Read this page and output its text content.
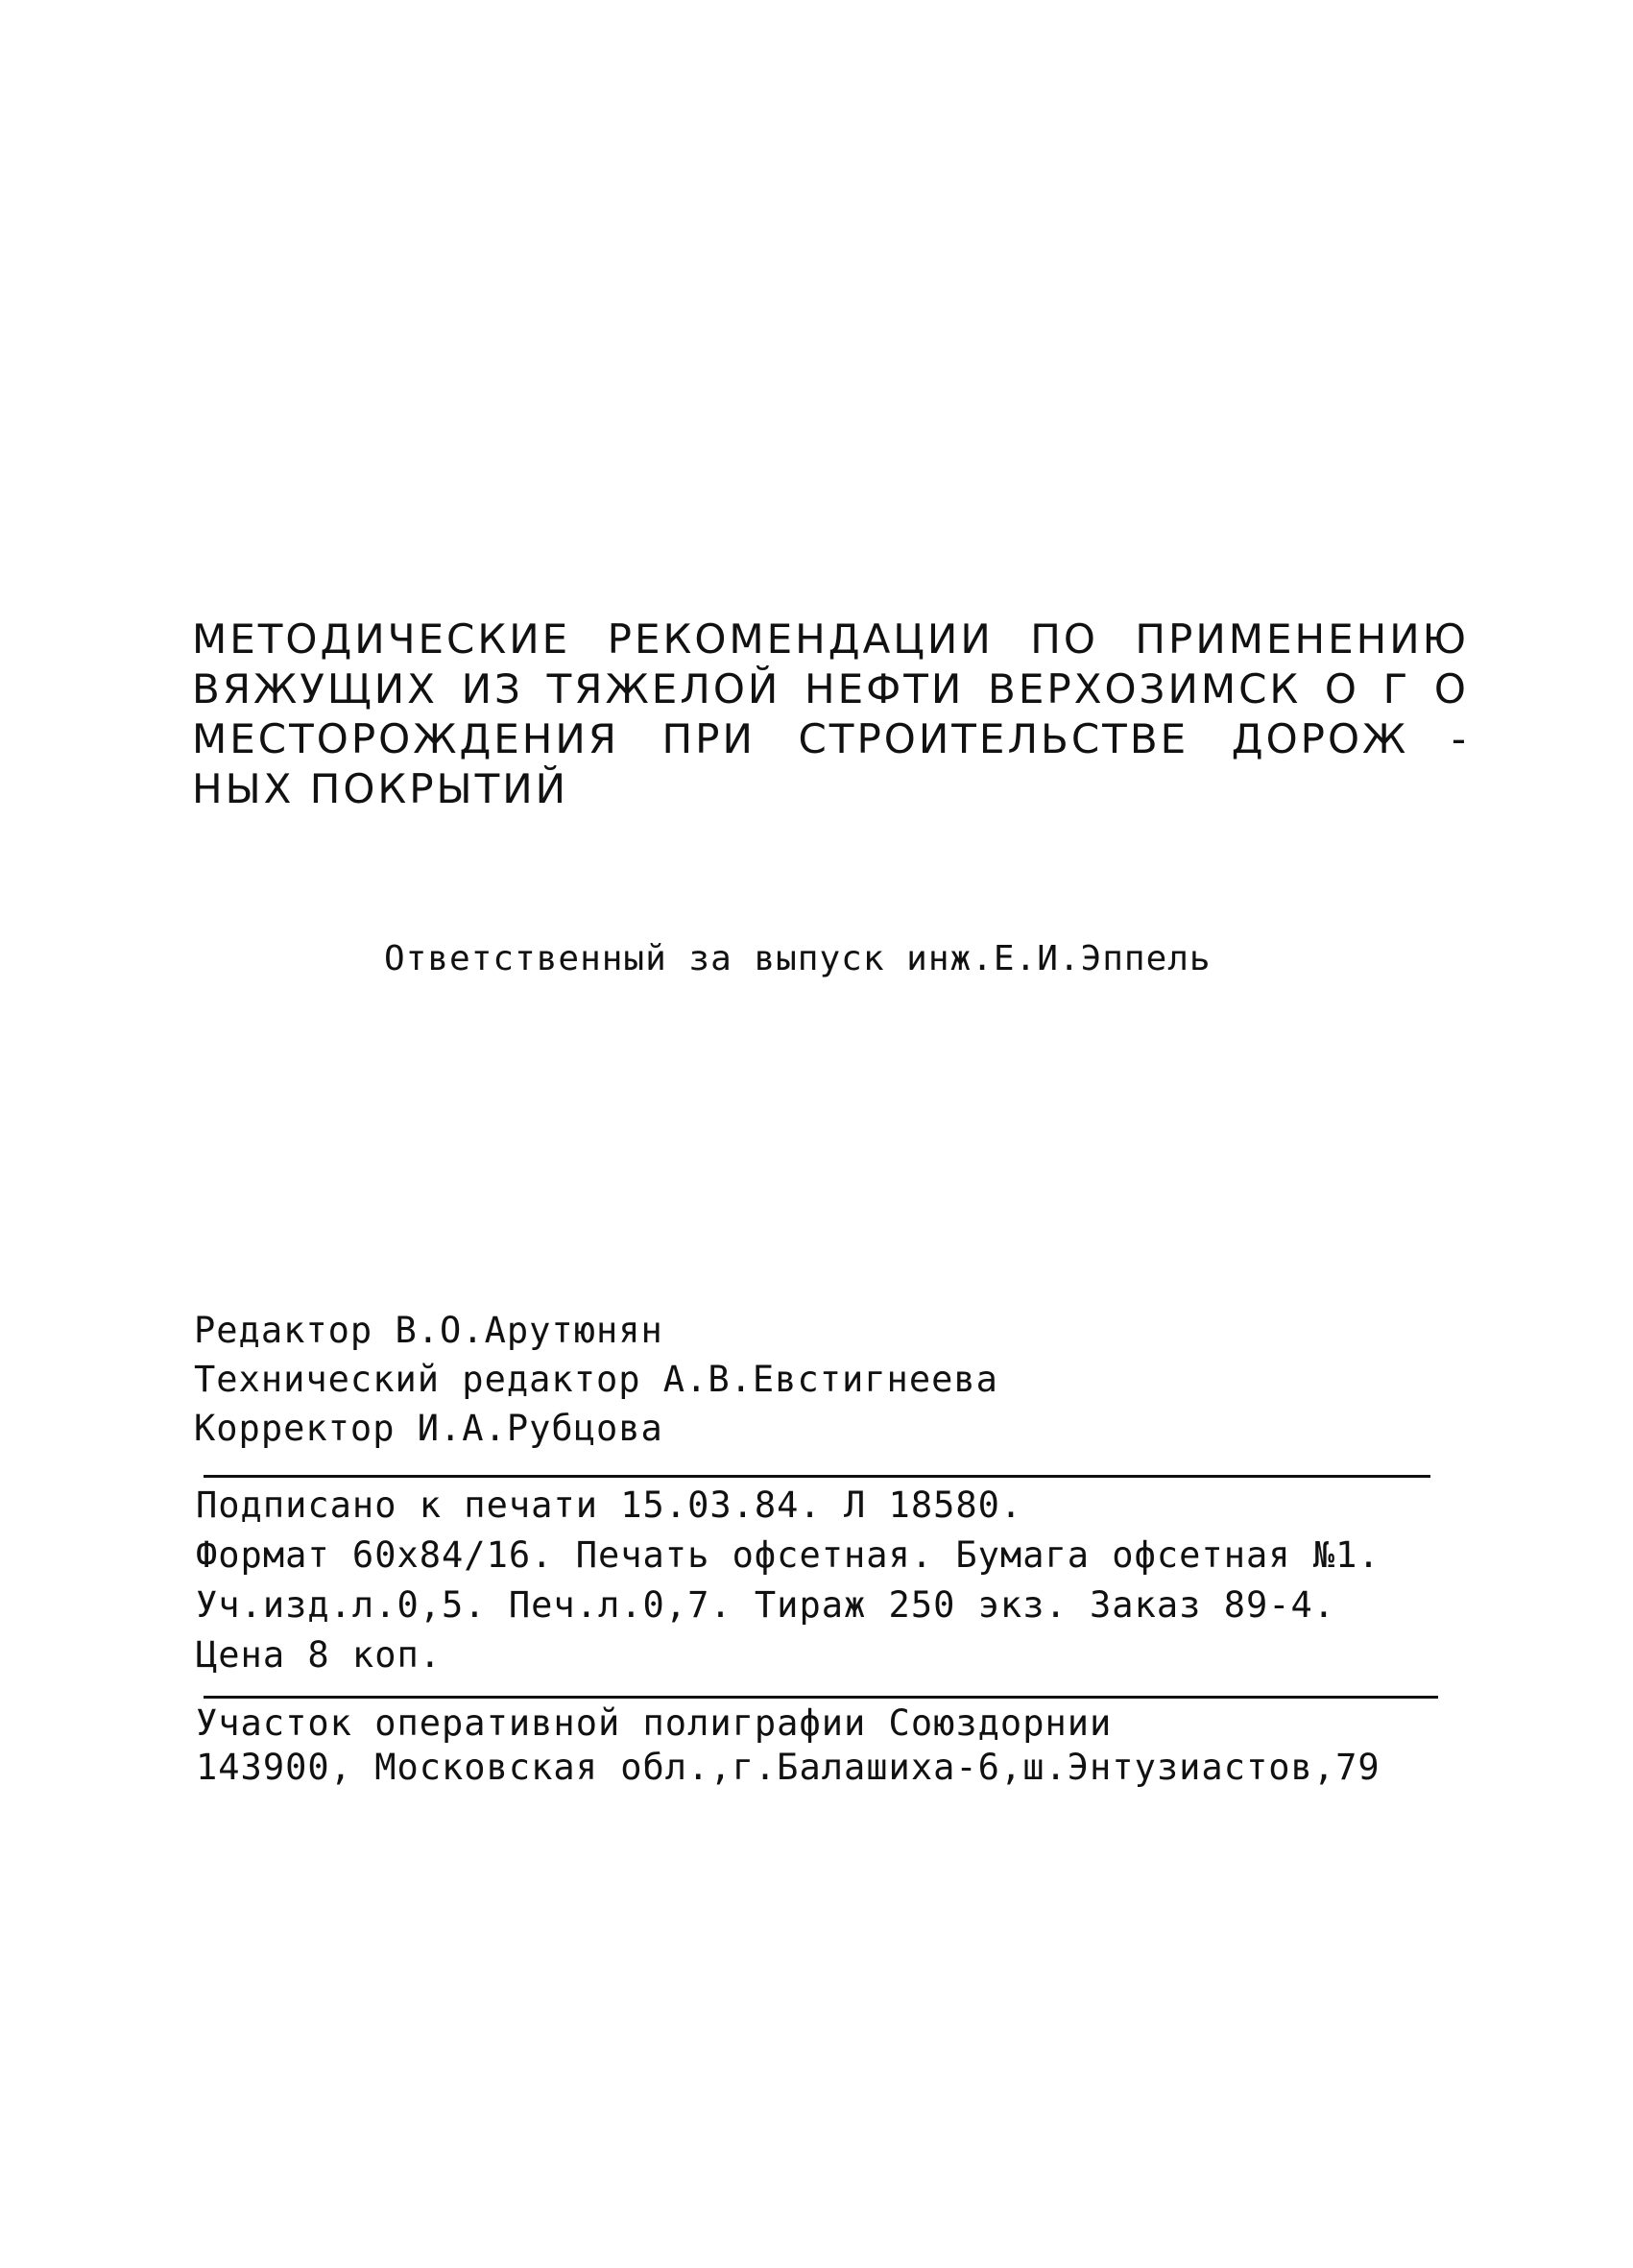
МЕТОДИЧЕСКИЕ РЕКОМЕНДАЦИИ ПО ПРИМЕНЕНИЮ
ВЯЖУЩИХ ИЗ ТЯЖЕЛОЙ НЕФТИ ВЕРХОЗИМСК О Г О
МЕСТОРОЖДЕНИЯ ПРИ СТРОИТЕЛЬСТВЕ ДОРОЖ -
НЫХ ПОКРЫТИЙ
Ответственный за выпуск инж.Е.И.Эппель
Редактор В.О.Арутюнян
Технический редактор А.В.Евстигнеева
Корректор И.А.Рубцова
Подписано к печати 15.03.84. Л 18580.
Формат 60х84/16. Печать офсетная. Бумага офсетная №1.
Уч.изд.л.0,5. Печ.л.0,7. Тираж 250 экз. Заказ 89-4.
Цена 8 коп.
Участок оперативной полиграфии Союздорнии
143900, Московская обл.,г.Балашиха-6,ш.Энтузиастов,79
